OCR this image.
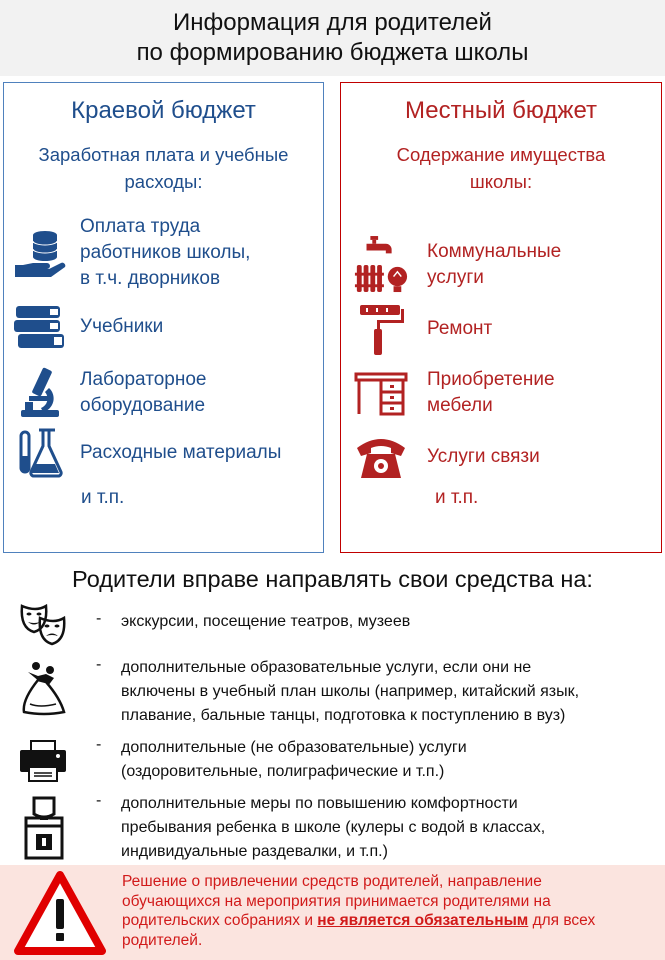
Информация для родителей
по формированию бюджета школы
Краевой бюджет
Заработная плата и учебные
расходы:
Оплата труда
работников школы,
в т.ч. дворников
Учебники
Лабораторное
оборудование
Расходные материалы
и т.п.
Местный бюджет
Содержание имущества
школы:
Коммунальные
услуги
Ремонт
Приобретение
мебели
Услуги связи
и т.п.
Родители вправе направлять свои средства на:
- экскурсии, посещение театров, музеев
- дополнительные образовательные услуги, если они не
включены в учебный план школы (например, китайский язык,
плавание, бальные танцы, подготовка к поступлению в вуз)
- дополнительные (не образовательные) услуги
(оздоровительные, полиграфические и т.п.)
- дополнительные меры по повышению комфортности
пребывания ребенка в школе (кулеры с водой в классах,
индивидуальные раздевалки, и т.п.)
Решение о привлечении средств родителей, направление
обучающихся на мероприятия принимается родителями на
родительских собраниях и не является обязательным для всех
родителей.
